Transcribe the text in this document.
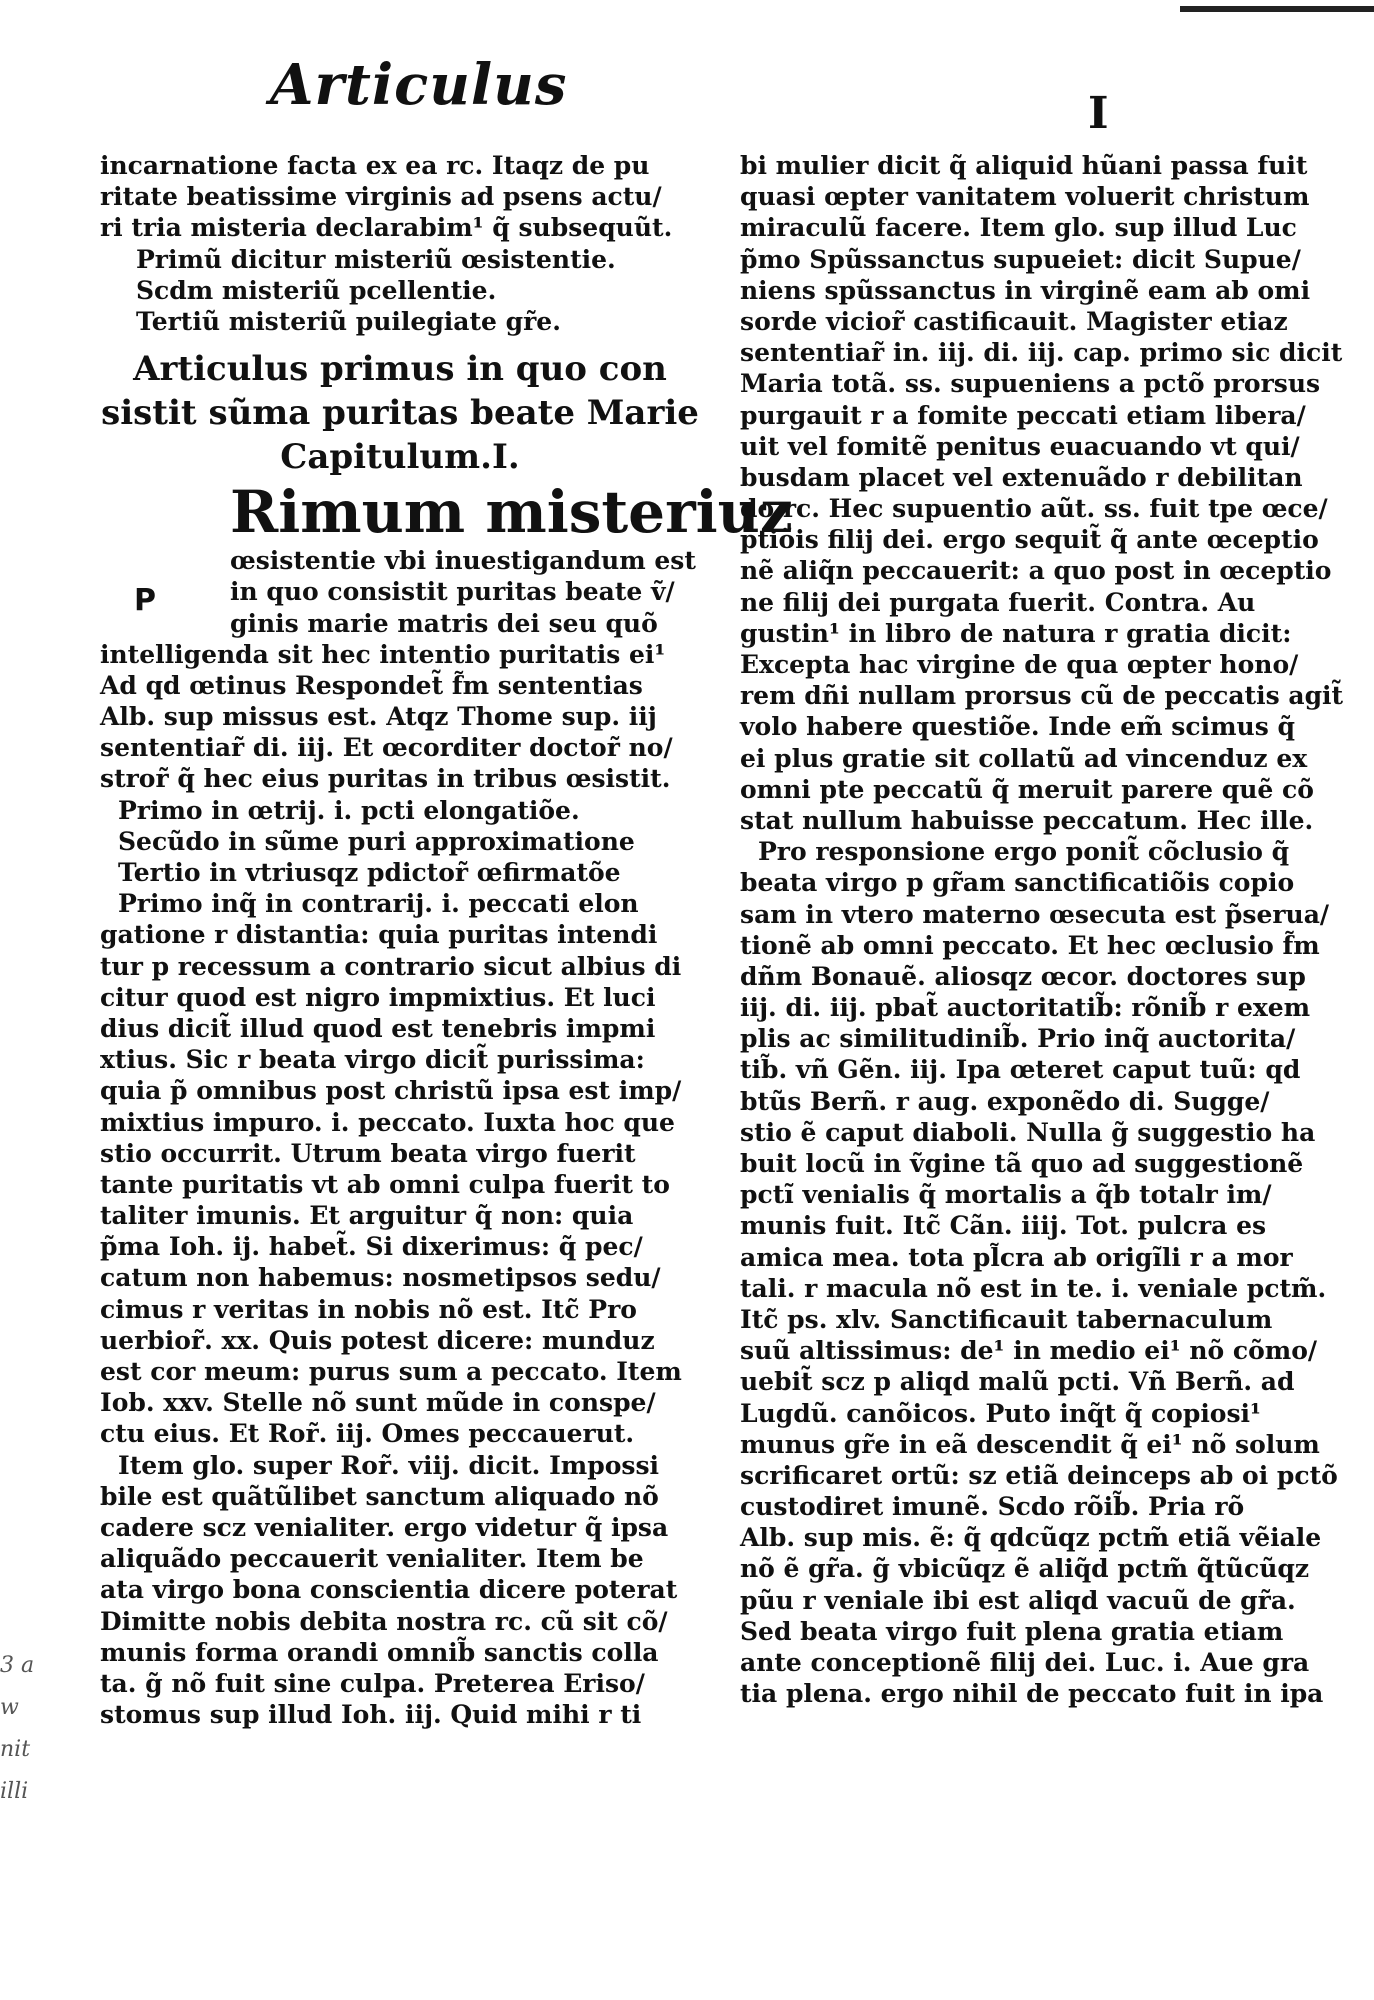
Articulus	I
incarnatione facta ex ea rc. Itaqz de pu
ritate beatissime virginis ad psens actu/
ri tria misteria declarabim¹ q̃ subsequũt.
Primũ dicitur misteriũ œsistentie.
Scdm misteriũ pcellentie.
Tertiũ misteriũ puilegiate gr̃e.
Articulus primus in quo con
sistit sũma puritas beate Marie
Capitulum.I.
Rimum misteriuz
P
œsistentie vbi inuestigandum est
in quo consistit puritas beate ṽ/
ginis marie matris dei seu quõ
intelligenda sit hec intentio puritatis ei¹
Ad qd œtinus Respondet̃ f̃m sententias
Alb. sup missus est. Atqz Thome sup. iij
sententiar̃ di. iij. Et œcorditer doctor̃ no/
stror̃ q̃ hec eius puritas in tribus œsistit.
Primo in œtrij. i. pcti elongatiõe.
Secũdo in sũme puri approximatione
Tertio in vtriusqz pdictor̃ œfirmatõe
Primo inq̃ in contrarij. i. peccati elon
gatione r distantia: quia puritas intendi
tur p recessum a contrario sicut albius di
citur quod est nigro impmixtius. Et luci
dius dicit̃ illud quod est tenebris impmi
xtius. Sic r beata virgo dicit̃ purissima:
quia p̃ omnibus post christũ ipsa est imp/
mixtius impuro. i. peccato. Iuxta hoc que
stio occurrit. Utrum beata virgo fuerit
tante puritatis vt ab omni culpa fuerit to
taliter imunis. Et arguitur q̃ non: quia
p̃ma Ioh. ij. habet̃. Si dixerimus: q̃ pec/
catum non habemus: nosmetipsos sedu/
cimus r veritas in nobis nõ est. Itc̃ Pro
uerbior̃. xx. Quis potest dicere: munduz
est cor meum: purus sum a peccato. Item
Iob. xxv. Stelle nõ sunt mũde in conspe/
ctu eius. Et Ror̃. iij. Omes peccauerut.
Item glo. super Ror̃. viij. dicit. Impossi
bile est quãtũlibet sanctum aliquado nõ
cadere scz venialiter. ergo videtur q̃ ipsa
aliquãdo peccauerit venialiter. Item be
ata virgo bona conscientia dicere poterat
Dimitte nobis debita nostra rc. cũ sit cõ/
munis forma orandi omnib̃ sanctis colla
ta. g̃ nõ fuit sine culpa. Preterea Eriso/
stomus sup illud Ioh. iij. Quid mihi r ti
3 a
w
nit
illi
bi mulier dicit q̃ aliquid hũani passa fuit
quasi œpter vanitatem voluerit christum
miraculũ facere. Item glo. sup illud Luc
p̃mo Spũssanctus supueiet: dicit Supue/
niens spũssanctus in virginẽ eam ab omi
sorde vicior̃ castificauit. Magister etiaz
sententiar̃ in. iij. di. iij. cap. primo sic dicit
Maria totã. ss. supueniens a pctõ prorsus
purgauit r a fomite peccati etiam libera/
uit vel fomitẽ penitus euacuando vt qui/
busdam placet vel extenuãdo r debilitan
do rc. Hec supuentio aũt. ss. fuit tpe œce/
ptiõis filij dei. ergo sequit̃ q̃ ante œceptio
nẽ aliq̃n peccauerit: a quo post in œceptio
ne filij dei purgata fuerit. Contra. Au
gustin¹ in libro de natura r gratia dicit:
Excepta hac virgine de qua œpter hono/
rem dñi nullam prorsus cũ de peccatis agit̃
volo habere questiõe. Inde em̃ scimus q̃
ei plus gratie sit collatũ ad vincenduz ex
omni pte peccatũ q̃ meruit parere quẽ cõ
stat nullum habuisse peccatum. Hec ille.
Pro responsione ergo ponit̃ cõclusio q̃
beata virgo p gr̃am sanctificatiõis copio
sam in vtero materno œsecuta est p̃serua/
tionẽ ab omni peccato. Et hec œclusio f̃m
dñm Bonauẽ. aliosqz œcor. doctores sup
iij. di. iij. pbat̃ auctoritatib̃: rõnib̃ r exem
plis ac similitudinib̃. Prio inq̃ auctorita/
tib̃. vñ Gẽn. iij. Ipa œteret caput tuũ: qd
btũs Berñ. r aug. exponẽdo di. Sugge/
stio ẽ caput diaboli. Nulla g̃ suggestio ha
buit locũ in ṽgine tã quo ad suggestionẽ
pctĩ venialis q̃ mortalis a q̃b totalr im/
munis fuit. Itc̃ Cãn. iiij. Tot. pulcra es
amica mea. tota pl̃cra ab origĩli r a mor
tali. r macula nõ est in te. i. veniale pctm̃.
Itc̃ ps. xlv. Sanctificauit tabernaculum
suũ altissimus: de¹ in medio ei¹ nõ cõmo/
uebit̃ scz p aliqd malũ pcti. Vñ Berñ. ad
Lugdũ. canõicos. Puto inq̃t q̃ copiosi¹
munus gr̃e in eã descendit q̃ ei¹ nõ solum
scrificaret ortũ: sz etiã deinceps ab oi pctõ
custodiret imunẽ. Scdo rõib̃. Pria rõ
Alb. sup mis. ẽ: q̃ qdcũqz pctm̃ etiã vẽiale
nõ ẽ gr̃a. g̃ vbicũqz ẽ aliq̃d pctm̃ q̃tũcũqz
pũu r veniale ibi est aliqd vacuũ de gr̃a.
Sed beata virgo fuit plena gratia etiam
ante conceptionẽ filij dei. Luc. i. Aue gra
tia plena. ergo nihil de peccato fuit in ipa
